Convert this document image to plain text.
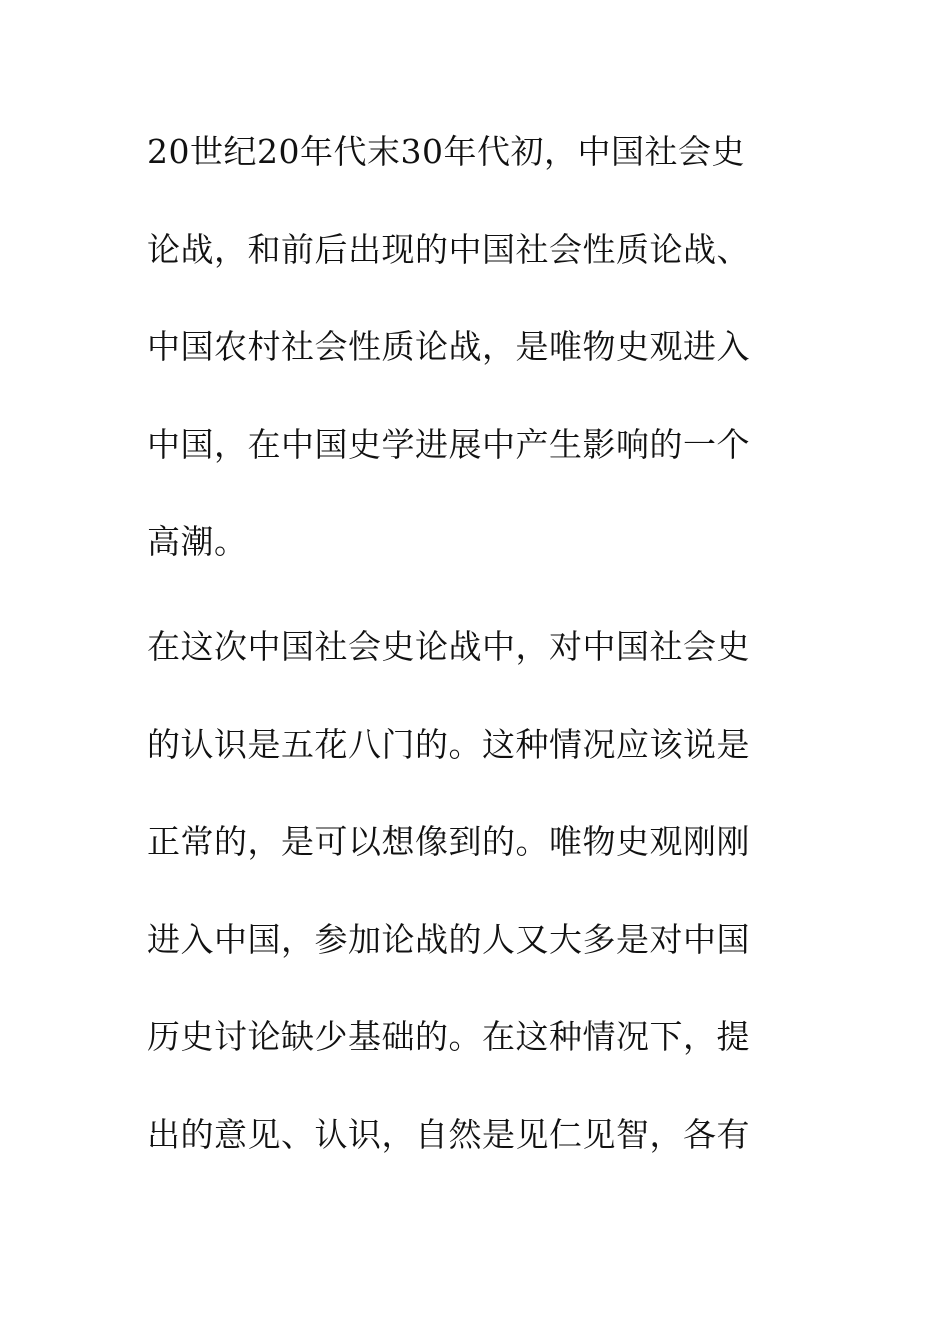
20世纪20年代末30年代初，中国社会史
论战，和前后出现的中国社会性质论战、
中国农村社会性质论战，是唯物史观进入
中国，在中国史学进展中产生影响的一个
高潮。
在这次中国社会史论战中，对中国社会史
的认识是五花八门的。这种情况应该说是
正常的，是可以想像到的。唯物史观刚刚
进入中国，参加论战的人又大多是对中国
历史讨论缺少基础的。在这种情况下，提
出的意见、认识，自然是见仁见智，各有
